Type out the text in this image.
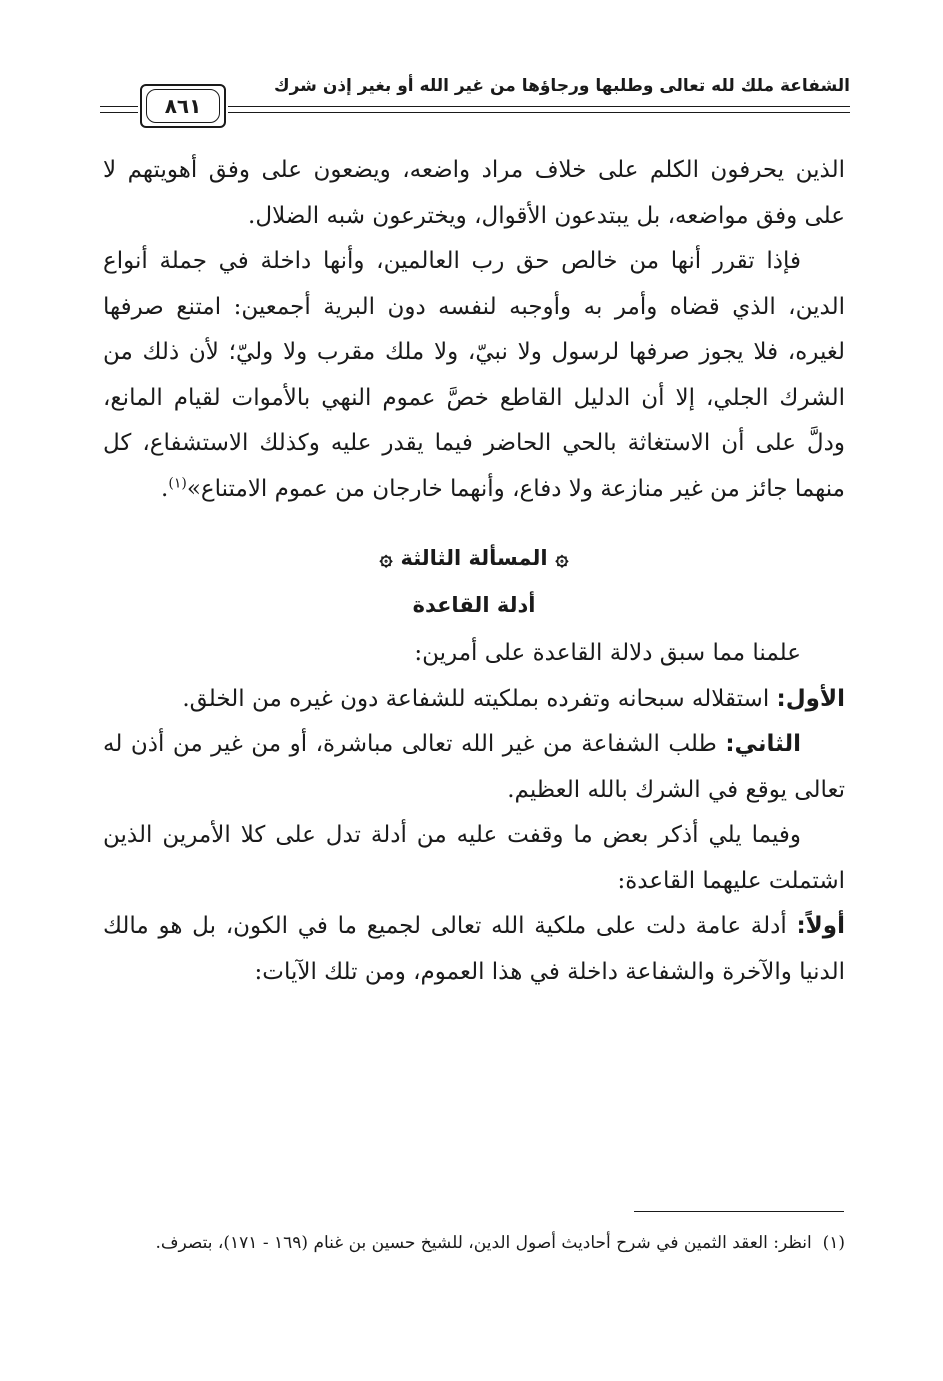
الشفاعة ملك لله تعالى وطلبها ورجاؤها من غير الله أو بغير إذن شرك
٨٦١

الذين يحرفون الكلم على خلاف مراد واضعه، ويضعون على وفق أهويتهم لا على وفق مواضعه، بل يبتدعون الأقوال، ويخترعون شبه الضلال.

فإذا تقرر أنها من خالص حق رب العالمين، وأنها داخلة في جملة أنواع الدين، الذي قضاه وأمر به وأوجبه لنفسه دون البرية أجمعين: امتنع صرفها لغيره، فلا يجوز صرفها لرسول ولا نبيّ، ولا ملك مقرب ولا وليّ؛ لأن ذلك من الشرك الجلي، إلا أن الدليل القاطع خصَّ عموم النهي بالأموات لقيام المانع، ودلَّ على أن الاستغاثة بالحي الحاضر فيما يقدر عليه وكذلك الاستشفاع، كل منهما جائز من غير منازعة ولا دفاع، وأنهما خارجان من عموم الامتناع»$^{(١)}$.

۞المسألة الثالثة۞

أدلة القاعدة

علمنا مما سبق دلالة القاعدة على أمرين:

الأول: استقلاله سبحانه وتفرده بملكيته للشفاعة دون غيره من الخلق.

الثاني: طلب الشفاعة من غير الله تعالى مباشرة، أو من غير من أذن له تعالى يوقع في الشرك بالله العظيم.

وفيما يلي أذكر بعض ما وقفت عليه من أدلة تدل على كلا الأمرين الذين اشتملت عليهما القاعدة:

أولاً: أدلة عامة دلت على ملكية الله تعالى لجميع ما في الكون، بل هو مالك الدنيا والآخرة والشفاعة داخلة في هذا العموم، ومن تلك الآيات:

(١)  انظر: العقد الثمين في شرح أحاديث أصول الدين، للشيخ حسين بن غنام (١٦٩ - ١٧١)، بتصرف.
